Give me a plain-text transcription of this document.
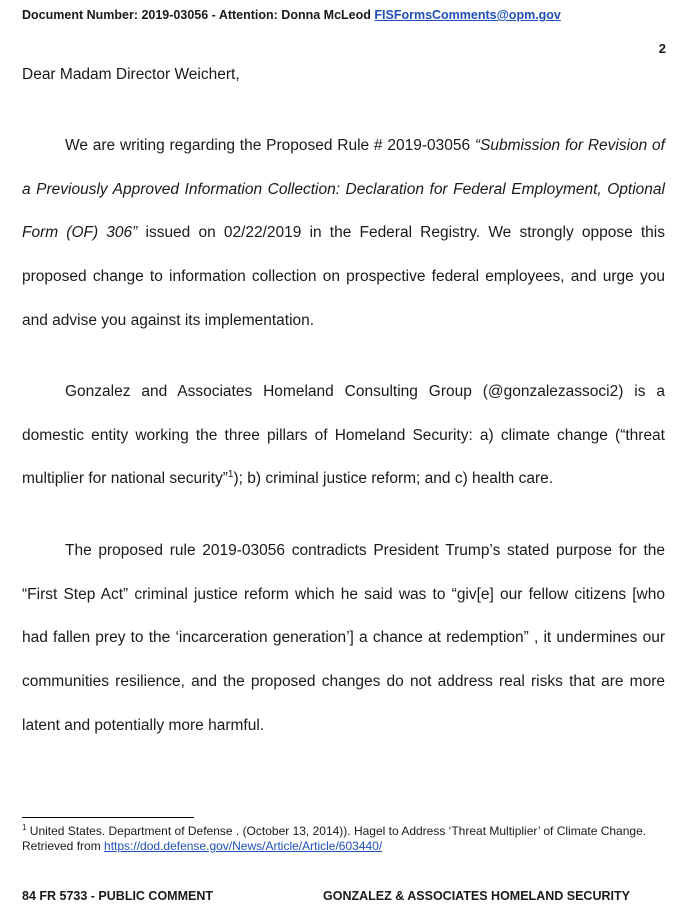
Document Number: 2019-03056 - Attention: Donna McLeod FISFormsComments@opm.gov
2
Dear Madam Director Weichert,

We are writing regarding the Proposed Rule # 2019-03056 “Submission for Revision of a Previously Approved Information Collection: Declaration for Federal Employment, Optional Form (OF) 306” issued on 02/22/2019 in the Federal Registry. We strongly oppose this proposed change to information collection on prospective federal employees, and urge you and advise you against its implementation.

Gonzalez and Associates Homeland Consulting Group (@gonzalezassoci2) is a domestic entity working the three pillars of Homeland Security: a) climate change (“threat multiplier for national security”$^1$); b) criminal justice reform; and c) health care.

The proposed rule 2019-03056 contradicts President Trump’s stated purpose for the “First Step Act” criminal justice reform which he said was to “giv[e] our fellow citizens [who had fallen prey to the ‘incarceration generation’] a chance at redemption” , it undermines our communities resilience, and the proposed changes do not address real risks that are more latent and potentially more harmful.

$^1$ United States. Department of Defense . (October 13, 2014)). Hagel to Address ‘Threat Multiplier’ of Climate Change. Retrieved from https://dod.defense.gov/News/Article/Article/603440/
84 FR 5733 - PUBLIC COMMENT	GONZALEZ & ASSOCIATES HOMELAND SECURITY
